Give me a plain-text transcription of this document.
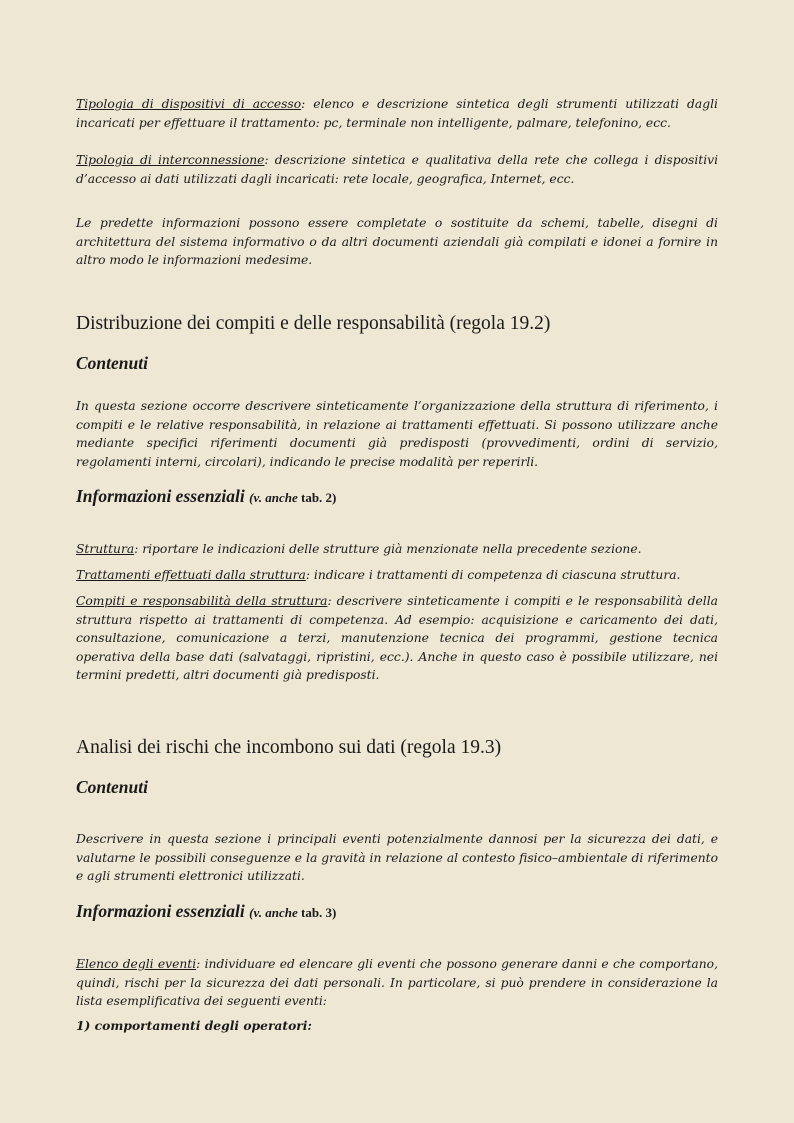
Tipologia di dispositivi di accesso: elenco e descrizione sintetica degli strumenti utilizzati dagli incaricati per effettuare il trattamento: pc, terminale non intelligente, palmare, telefonino, ecc.

Tipologia di interconnessione: descrizione sintetica e qualitativa della rete che collega i dispositivi d’accesso ai dati utilizzati dagli incaricati: rete locale, geografica, Internet, ecc.

Le predette informazioni possono essere completate o sostituite da schemi, tabelle, disegni di architettura del sistema informativo o da altri documenti aziendali già compilati e idonei a fornire in altro modo le informazioni medesime.

Distribuzione dei compiti e delle responsabilità (regola 19.2)
Contenuti

In questa sezione occorre descrivere sinteticamente l’organizzazione della struttura di riferimento, i compiti e le relative responsabilità, in relazione ai trattamenti effettuati. Si possono utilizzare anche mediante specifici riferimenti documenti già predisposti (provvedimenti, ordini di servizio, regolamenti interni, circolari), indicando le precise modalità per reperirli.

Informazioni essenziali (v. anche tab. 2)

Struttura: riportare le indicazioni delle strutture già menzionate nella precedente sezione.

Trattamenti effettuati dalla struttura: indicare i trattamenti di competenza di ciascuna struttura.

Compiti e responsabilità della struttura: descrivere sinteticamente i compiti e le responsabilità della struttura rispetto ai trattamenti di competenza. Ad esempio: acquisizione e caricamento dei dati, consultazione, comunicazione a terzi, manutenzione tecnica dei programmi, gestione tecnica operativa della base dati (salvataggi, ripristini, ecc.). Anche in questo caso è possibile utilizzare, nei termini predetti, altri documenti già predisposti.

Analisi dei rischi che incombono sui dati (regola 19.3)
Contenuti

Descrivere in questa sezione i principali eventi potenzialmente dannosi per la sicurezza dei dati, e valutarne le possibili conseguenze e la gravità in relazione al contesto fisico–ambientale di riferimento e agli strumenti elettronici utilizzati.

Informazioni essenziali (v. anche tab. 3)

Elenco degli eventi: individuare ed elencare gli eventi che possono generare danni e che comportano, quindi, rischi per la sicurezza dei dati personali. In particolare, si può prendere in considerazione la lista esemplificativa dei seguenti eventi:

1) comportamenti degli operatori:
